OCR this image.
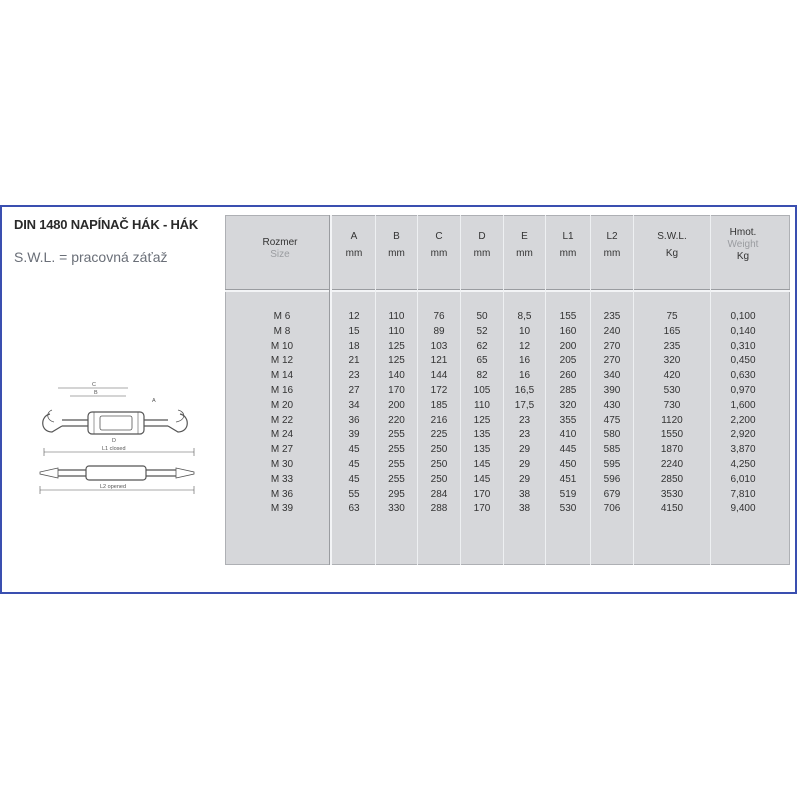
DIN 1480 NAPÍNAČ HÁK - HÁK
S.W.L. = pracovná záťaž
C
B
A
D
L1 closed
L2 opened
Rozmer
Size
A
mm
B
mm
C
mm
D
mm
E
mm
L1
mm
L2
mm
S.W.L.
Kg
Hmot.
Weight
Kg
M 6
M 8
M 10
M 12
M 14
M 16
M 20
M 22
M 24
M 27
M 30
M 33
M 36
M 39
12
15
18
21
23
27
34
36
39
45
45
45
55
63
110
110
125
125
140
170
200
220
255
255
255
255
295
330
76
89
103
121
144
172
185
216
225
250
250
250
284
288
50
52
62
65
82
105
110
125
135
135
145
145
170
170
8,5
10
12
16
16
16,5
17,5
23
23
29
29
29
38
38
155
160
200
205
260
285
320
355
410
445
450
451
519
530
235
240
270
270
340
390
430
475
580
585
595
596
679
706
75
165
235
320
420
530
730
1120
1550
1870
2240
2850
3530
4150
0,100
0,140
0,310
0,450
0,630
0,970
1,600
2,200
2,920
3,870
4,250
6,010
7,810
9,400
